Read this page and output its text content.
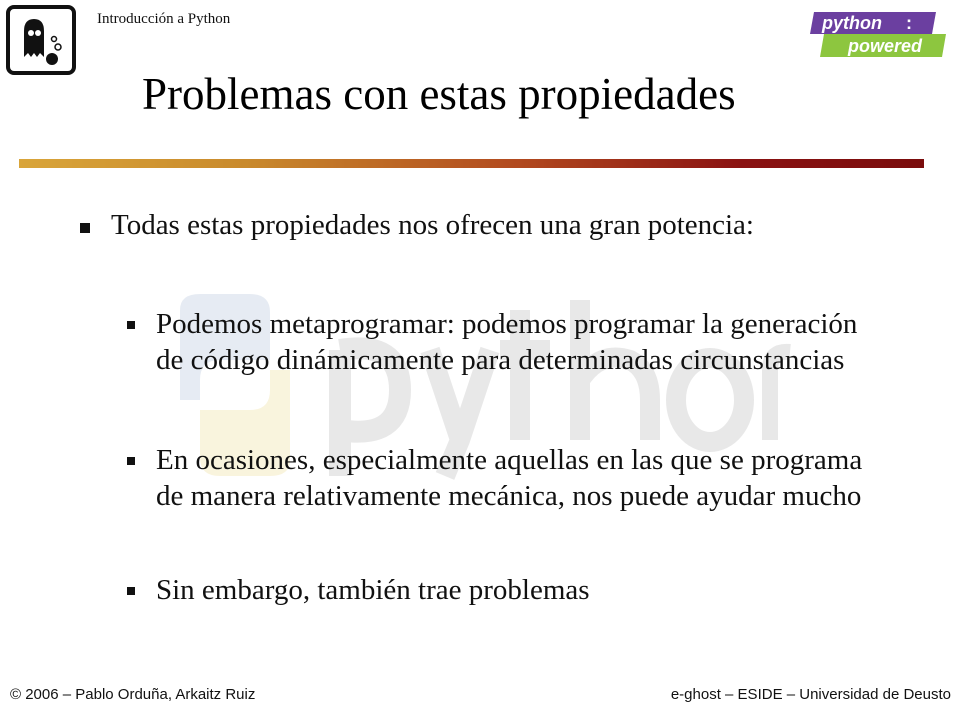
Introducción a Python	python :
powered
Problemas con estas propiedades
Todas estas propiedades nos ofrecen una gran potencia:
Podemos metaprogramar: podemos programar la generación de código dinámicamente para determinadas circunstancias
En ocasiones, especialmente aquellas en las que se programa de manera relativamente mecánica, nos puede ayudar mucho
Sin embargo, también trae problemas
© 2006 – Pablo Orduña, Arkaitz Ruiz	e-ghost – ESIDE – Universidad de Deusto
